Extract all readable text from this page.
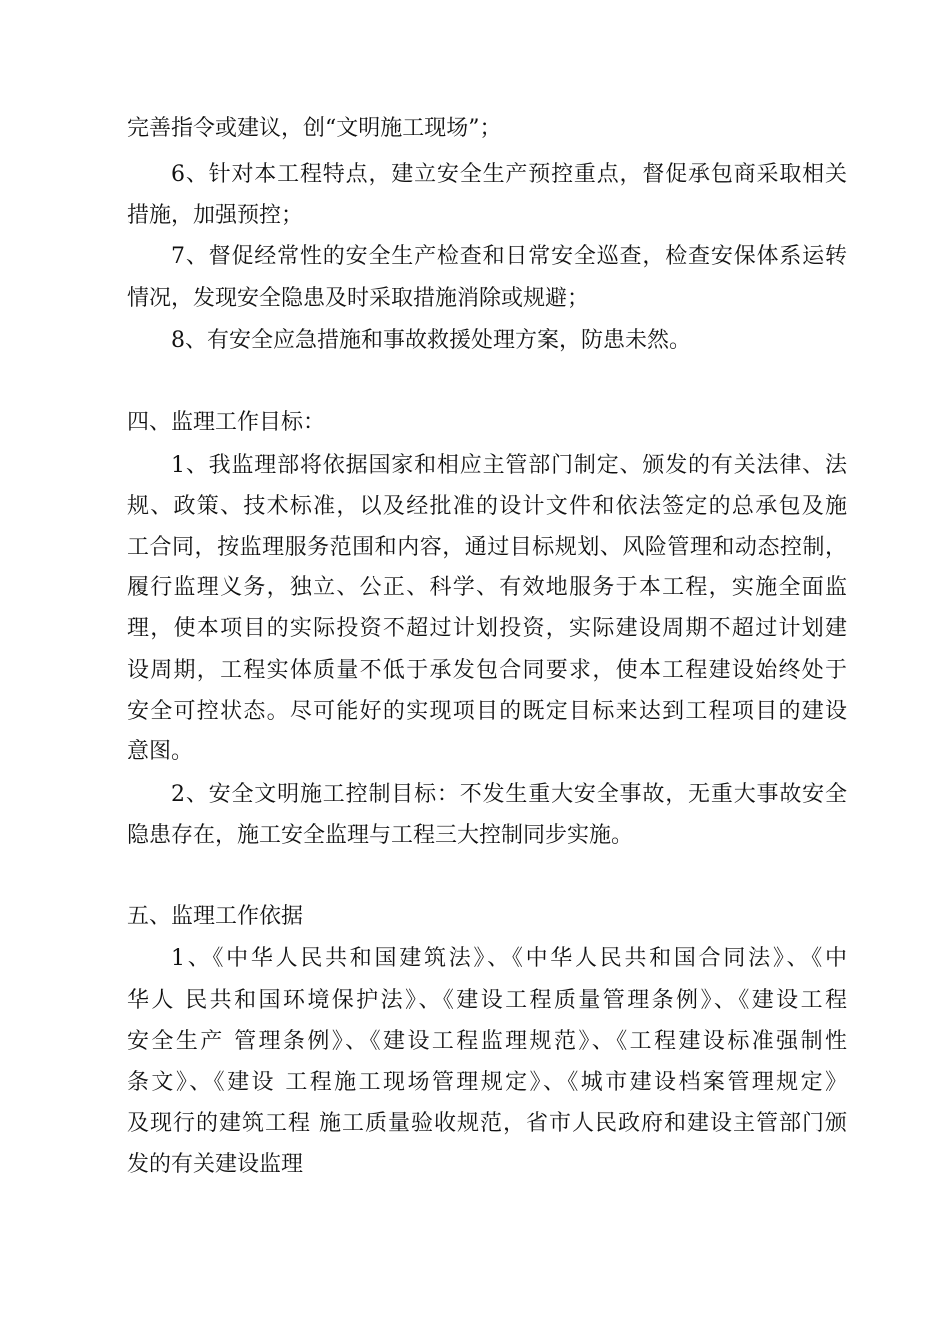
完善指令或建议，创“文明施工现场”；
6、针对本工程特点，建立安全生产预控重点，督促承包商采取相关
措施，加强预控；
7、督促经常性的安全生产检查和日常安全巡查，检查安保体系运转
情况，发现安全隐患及时采取措施消除或规避；
8、有安全应急措施和事故救援处理方案，防患未然。
四、监理工作目标：
1、我监理部将依据国家和相应主管部门制定、颁发的有关法律、法
规、政策、技术标准，以及经批准的设计文件和依法签定的总承包及施
工合同，按监理服务范围和内容，通过目标规划、风险管理和动态控制，
履行监理义务，独立、公正、科学、有效地服务于本工程，实施全面监
理，使本项目的实际投资不超过计划投资，实际建设周期不超过计划建
设周期，工程实体质量不低于承发包合同要求，使本工程建设始终处于
安全可控状态。尽可能好的实现项目的既定目标来达到工程项目的建设
意图。
2、安全文明施工控制目标：不发生重大安全事故，无重大事故安全
隐患存在，施工安全监理与工程三大控制同步实施。
五、监理工作依据
1、《中华人民共和国建筑法》、《中华人民共和国合同法》、《中
华人 民共和国环境保护法》、《建设工程质量管理条例》、《建设工程
安全生产 管理条例》、《建设工程监理规范》、《工程建设标准强制性
条文》、《建设 工程施工现场管理规定》、《城市建设档案管理规定》
及现行的建筑工程 施工质量验收规范，省市人民政府和建设主管部门颁
发的有关建设监理
